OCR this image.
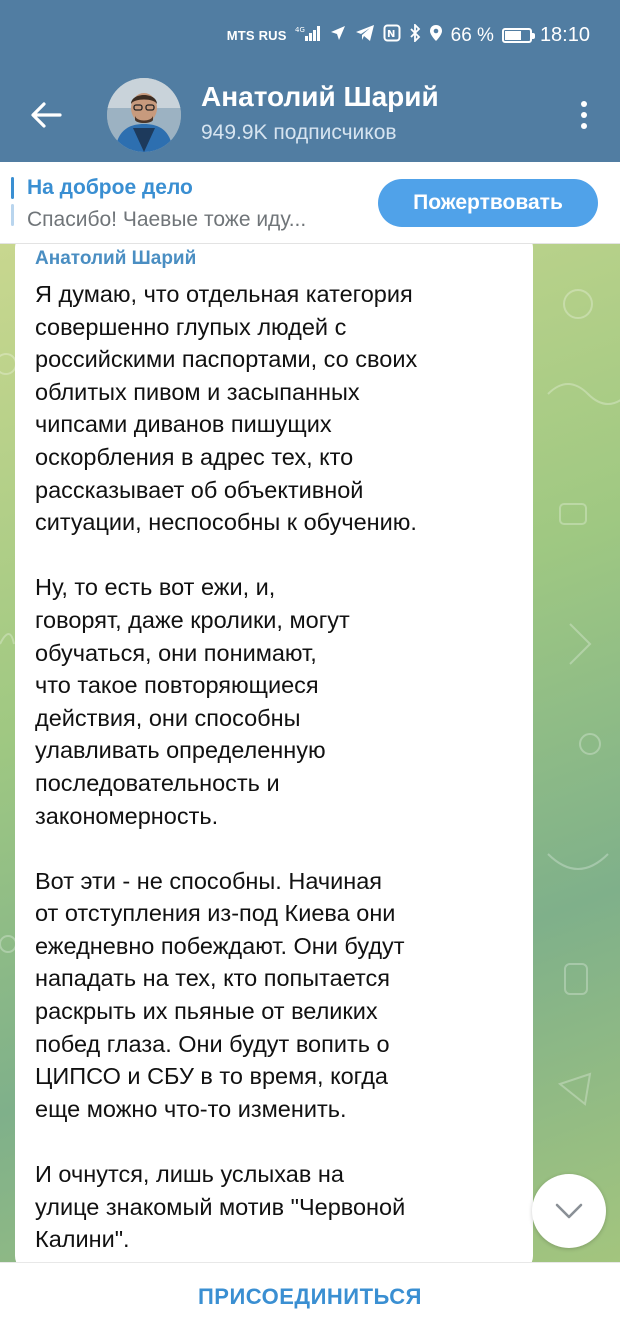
MTS RUS 4G	N	66 % 18:10
Анатолий Шарий
949.9K подписчиков
На доброе дело
Спасибо! Чаевые тоже иду...
Пожертвовать
Анатолий Шарий
Я думаю, что отдельная категория
совершенно глупых людей с
российскими паспортами, со своих
облитых пивом и засыпанных
чипсами диванов пишущих
оскорбления в адрес тех, кто
рассказывает об объективной
ситуации, неспособны к обучению.
Ну, то есть вот ежи, и,
говорят, даже кролики, могут
обучаться, они понимают,
что такое повторяющиеся
действия, они способны
улавливать определенную
последовательность и
закономерность.
Вот эти - не способны. Начиная
от отступления из-под Киева они
ежедневно побеждают. Они будут
нападать на тех, кто попытается
раскрыть их пьяные от великих
побед глаза. Они будут вопить о
ЦИПСО и СБУ в то время, когда
еще можно что-то изменить.
И очнутся, лишь услыхав на
улице знакомый мотив "Червоной
Калини".
ПРИСОЕДИНИТЬСЯ
